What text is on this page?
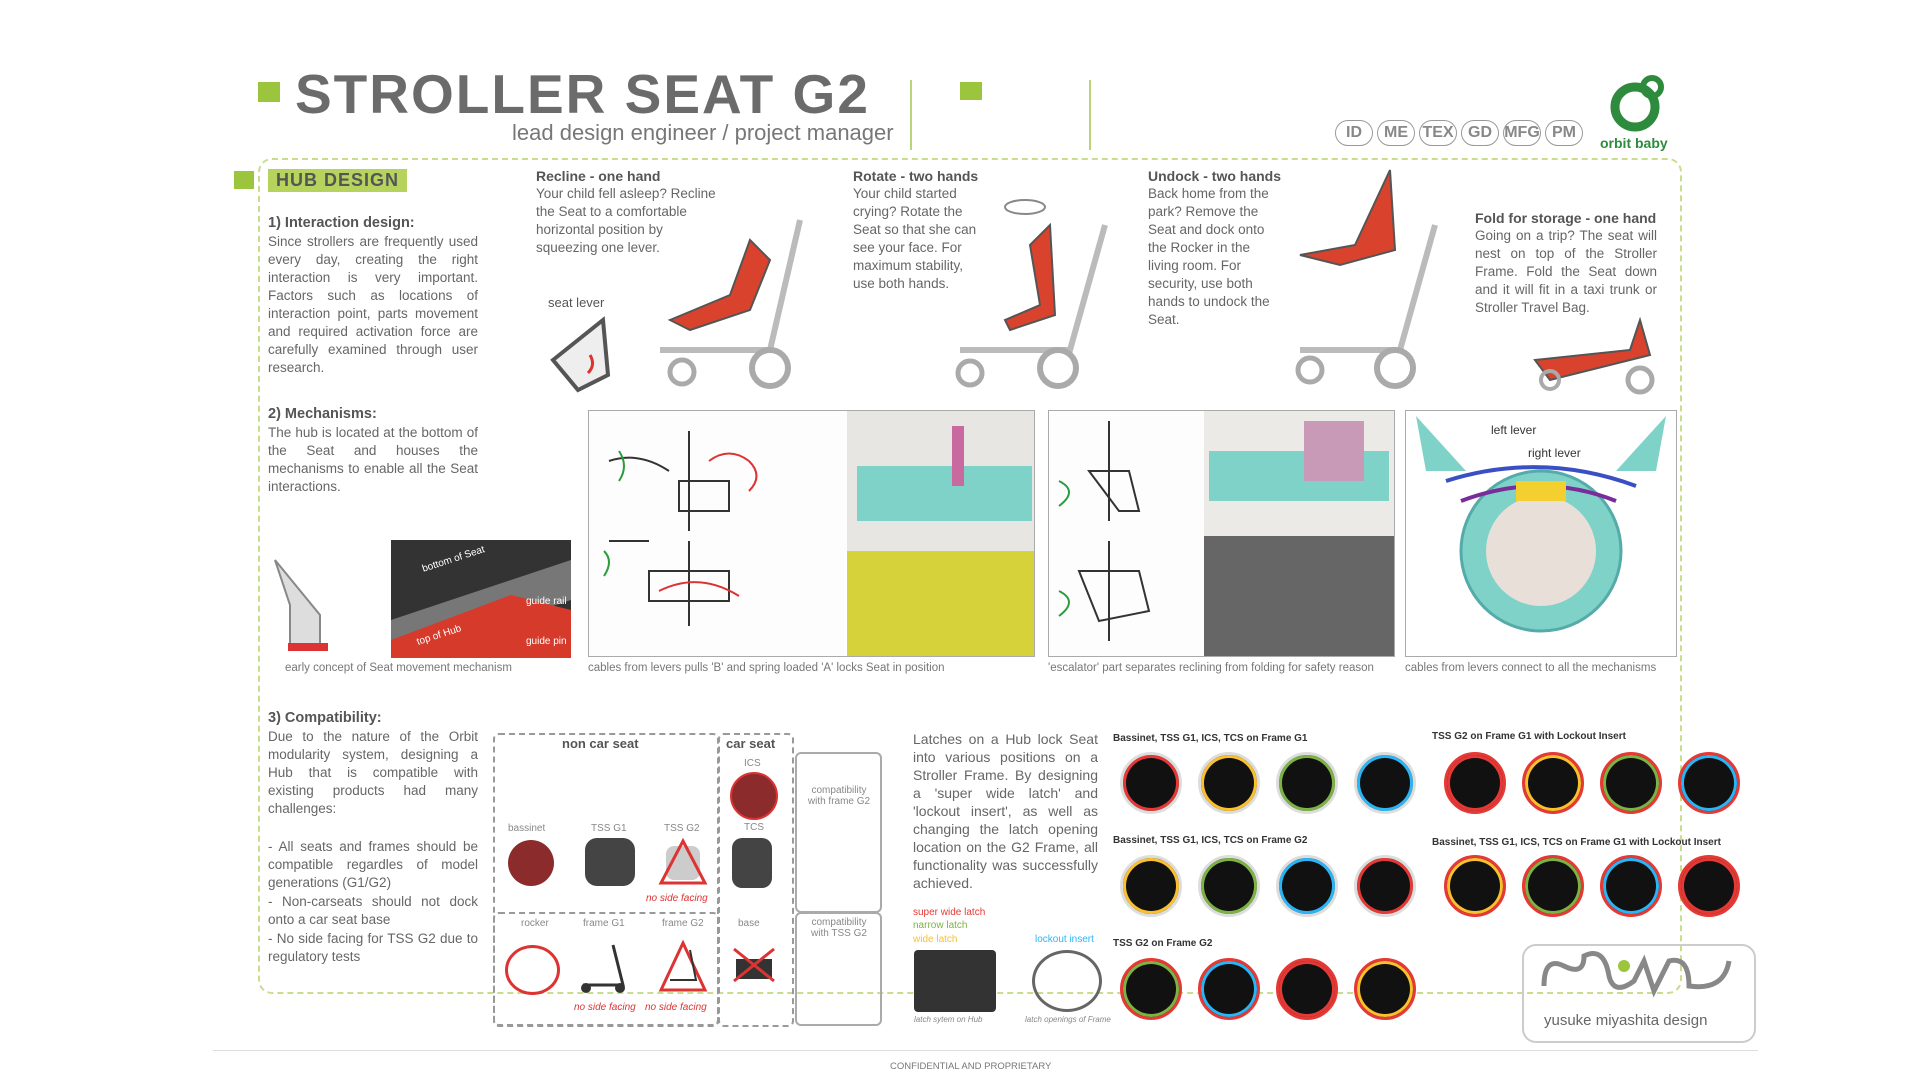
STROLLER SEAT G2
lead design engineer / project manager	ID	ME TEX GD MFG PM
orbit baby
HUB DESIGN
1) Interaction design:
Since strollers are frequently used every day, creating the right interaction is very important. Factors such as locations of interaction point, parts movement and required activation force are carefully examined through user research.
2) Mechanisms:
The hub is located at the bottom of the Seat and houses the mechanisms to enable all the Seat interactions.
bottom of Seat
guide rail
guide pin
top of Hub
early concept of Seat movement mechanism
Recline - one hand
Your child fell asleep? Recline the Seat to a comfortable horizontal position by squeezing one lever.
seat lever
Rotate - two hands
Your child started crying? Rotate the Seat so that she can see your face. For maximum stability, use both hands.
Undock - two hands
Back home from the park? Remove the Seat and dock onto the Rocker in the living room. For security, use both hands to undock the Seat.
Fold for storage - one hand
Going on a trip? The seat will nest on top of the Stroller Frame. Fold the Seat down and it will fit in a taxi trunk or Stroller Travel Bag.
cables from levers pulls 'B' and spring loaded 'A' locks Seat in position	'escalator' part separates reclining from folding for safety reason
left lever
right lever
cables from levers connect to all the mechanisms
3) Compatibility:
Due to the nature of the Orbit modularity system, designing a Hub that is compatible with existing products had many challenges:
- All seats and frames should be compatible regardles of model generations (G1/G2)
- Non-carseats should not dock onto a car seat base
- No side facing for TSS G2 due to regulatory tests
non car seat	car seat
bassinet	TSS G1	TSS G2
ICS
TCS
no side facing
rocker	frame G1	frame G2	base
no side facing no side facing
compatibility with frame G2
compatibility with TSS G2
Latches on a Hub lock Seat into various positions on a Stroller Frame. By designing a 'super wide latch' and 'lockout insert', as well as changing the latch opening location on the G2 Frame, all functionality was successfully achieved.
super wide latch
narrow latch
wide latch	lockout insert
latch sytem on Hub	latch openings of Frame
Bassinet, TSS G1, ICS, TCS on Frame G1	TSS G2 on Frame G1 with Lockout Insert
Bassinet, TSS G1, ICS, TCS on Frame G2	Bassinet, TSS G1, ICS, TCS on Frame G1 with Lockout Insert
TSS G2 on Frame G2
yusuke miyashita design
CONFIDENTIAL AND PROPRIETARY
